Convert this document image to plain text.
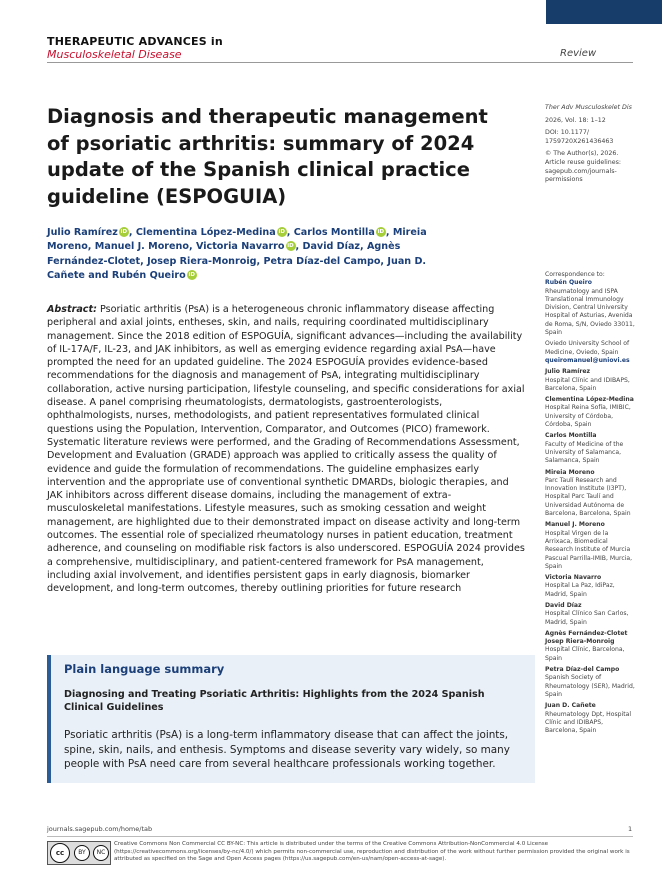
THERAPEUTIC ADVANCES in
Musculoskeletal Disease	Review
Diagnosis and therapeutic management of psoriatic arthritis: summary of 2024 update of the Spanish clinical practice guideline (ESPOGUIA)
Ther Adv Musculoskelet Dis
2026, Vol. 18: 1–12
DOI: 10.1177/
1759720X261436463
© The Author(s), 2026.
Article reuse guidelines: sagepub.com/journals-permissions
Julio Ramírez iD , Clementina López-Medina iD , Carlos Montilla iD , Mireia Moreno, Manuel J. Moreno, Victoria Navarro iD , David Díaz, Agnès Fernández-Clotet, Josep Riera-Monroig, Petra Díaz-del Campo, Juan D. Cañete and Rubén Queiro iD
Abstract: Psoriatic arthritis (PsA) is a heterogeneous chronic inflammatory disease affecting peripheral and axial joints, entheses, skin, and nails, requiring coordinated multidisciplinary management. Since the 2018 edition of ESPOGUÍA, significant advances—including the availability of IL-17A/F, IL-23, and JAK inhibitors, as well as emerging evidence regarding axial PsA—have prompted the need for an updated guideline. The 2024 ESPOGUÍA provides evidence-based recommendations for the diagnosis and management of PsA, integrating multidisciplinary collaboration, active nursing participation, lifestyle counseling, and specific considerations for axial disease. A panel comprising rheumatologists, dermatologists, gastroenterologists, ophthalmologists, nurses, methodologists, and patient representatives formulated clinical questions using the Population, Intervention, Comparator, and Outcomes (PICO) framework. Systematic literature reviews were performed, and the Grading of Recommendations Assessment, Development and Evaluation (GRADE) approach was applied to critically assess the quality of evidence and guide the formulation of recommendations. The guideline emphasizes early intervention and the appropriate use of conventional synthetic DMARDs, biologic therapies, and JAK inhibitors across different disease domains, including the management of extra-musculoskeletal manifestations. Lifestyle measures, such as smoking cessation and weight management, are highlighted due to their demonstrated impact on disease activity and long-term outcomes. The essential role of specialized rheumatology nurses in patient education, treatment adherence, and counseling on modifiable risk factors is also underscored. ESPOGUÍA 2024 provides a comprehensive, multidisciplinary, and patient-centered framework for PsA management, including axial involvement, and identifies persistent gaps in early diagnosis, biomarker development, and long-term outcomes, thereby outlining priorities for future research
Correspondence to:
Rubén Queiro
Rheumatology and ISPA Translational Immunology Division, Central University Hospital of Asturias, Avenida de Roma, S/N, Oviedo 33011, Spain
Oviedo University School of Medicine, Oviedo, Spain
queiromanuel@uniovi.es
Julio Ramírez
Hospital Clínic and IDIBAPS, Barcelona, Spain
Clementina López-Medina
Hospital Reina Sofía, IMIBIC, University of Córdoba, Córdoba, Spain
Carlos Montilla
Faculty of Medicine of the University of Salamanca, Salamanca, Spain
Mireia Moreno
Parc Taulí Research and Innovation Institute (I3PT), Hospital Parc Taulí and Universidad Autónoma de Barcelona, Barcelona, Spain
Manuel J. Moreno
Hospital Virgen de la Arrixaca, Biomedical Research Institute of Murcia Pascual Parrilla-IMIB, Murcia, Spain
Victoria Navarro
Hospital La Paz, IdiPaz, Madrid, Spain
David Díaz
Hospital Clínico San Carlos, Madrid, Spain
Agnès Fernández-Clotet
Josep Riera-Monroig
Hospital Clínic, Barcelona, Spain
Petra Díaz-del Campo
Spanish Society of Rheumatology (SER), Madrid, Spain
Juan D. Cañete
Rheumatology Dpt, Hospital Clínic and IDIBAPS, Barcelona, Spain
Plain language summary
Diagnosing and Treating Psoriatic Arthritis: Highlights from the 2024 Spanish Clinical Guidelines
Psoriatic arthritis (PsA) is a long-term inflammatory disease that can affect the joints, spine, skin, nails, and enthesis. Symptoms and disease severity vary widely, so many people with PsA need care from several healthcare professionals working together.
journals.sagepub.com/home/tab	1
cc	BY	NC
Creative Commons Non Commercial CC BY-NC: This article is distributed under the terms of the Creative Commons Attribution-NonCommercial 4.0 License (https://creativecommons.org/licenses/by-nc/4.0/) which permits non-commercial use, reproduction and distribution of the work without further permission provided the original work is attributed as specified on the Sage and Open Access pages (https://us.sagepub.com/en-us/nam/open-access-at-sage).
